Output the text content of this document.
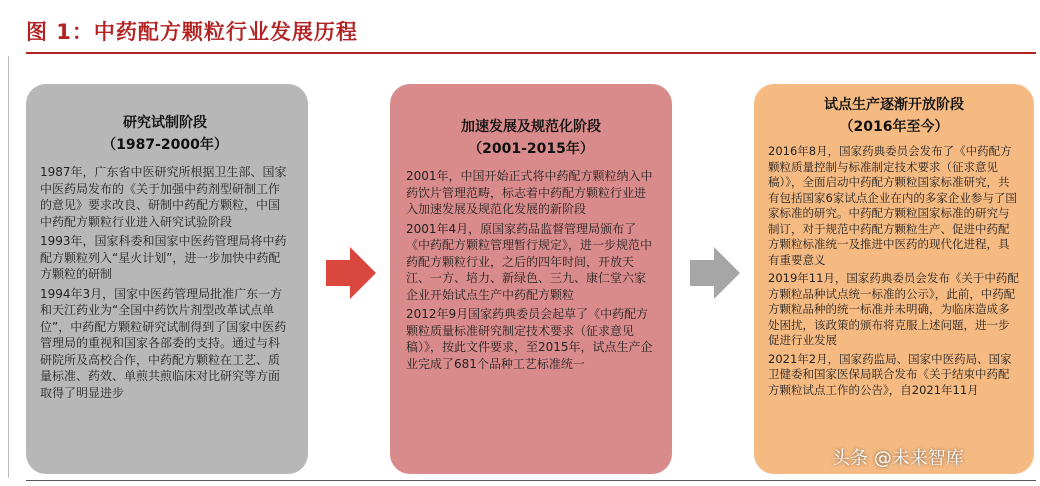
图 1：中药配方颗粒行业发展历程
研究试制阶段
（1987-2000年）

1987年，广东省中医研究所根据卫生部、国家中医药局发布的《关于加强中药剂型研制工作的意见》要求改良、研制中药配方颗粒，中国中药配方颗粒行业进入研究试验阶段

1993年，国家科委和国家中医药管理局将中药配方颗粒列入“星火计划”，进一步加快中药配方颗粒的研制

1994年3月，国家中医药管理局批准广东一方和天江药业为“全国中药饮片剂型改革试点单位”，中药配方颗粒研究试制得到了国家中医药管理局的重视和国家各部委的支持。通过与科研院所及高校合作，中药配方颗粒在工艺、质量标准、药效、单煎共煎临床对比研究等方面取得了明显进步

加速发展及规范化阶段
（2001-2015年）

2001年，中国开始正式将中药配方颗粒纳入中药饮片管理范畴，标志着中药配方颗粒行业进入加速发展及规范化发展的新阶段

2001年4月，原国家药品监督管理局颁布了《中药配方颗粒管理暂行规定》，进一步规范中药配方颗粒行业，之后的四年时间，开放天江、一方、培力、新绿色、三九、康仁堂六家企业开始试点生产中药配方颗粒

2012年9月国家药典委员会起草了《中药配方颗粒质量标准研究制定技术要求（征求意见稿）》，按此文件要求，至2015年，试点生产企业完成了681个品种工艺标准统一

试点生产逐渐开放阶段
（2016年至今）

2016年8月，国家药典委员会发布了《中药配方颗粒质量控制与标准制定技术要求（征求意见稿）》，全面启动中药配方颗粒国家标准研究，共有包括国家6家试点企业在内的多家企业参与了国家标准的研究。中药配方颗粒国家标准的研究与制订，对于规范中药配方颗粒生产、促进中药配方颗粒标准统一及推进中医药的现代化进程，具有重要意义

2019年11月，国家药典委员会发布《关于中药配方颗粒品种试点统一标准的公示》，此前，中药配方颗粒品种的统一标准并未明确，为临床造成多处困扰，该政策的颁布将克服上述问题，进一步促进行业发展

2021年2月，国家药监局、国家中医药局、国家卫健委和国家医保局联合发布《关于结束中药配方颗粒试点工作的公告》，自2021年11月

头条 @未来智库
